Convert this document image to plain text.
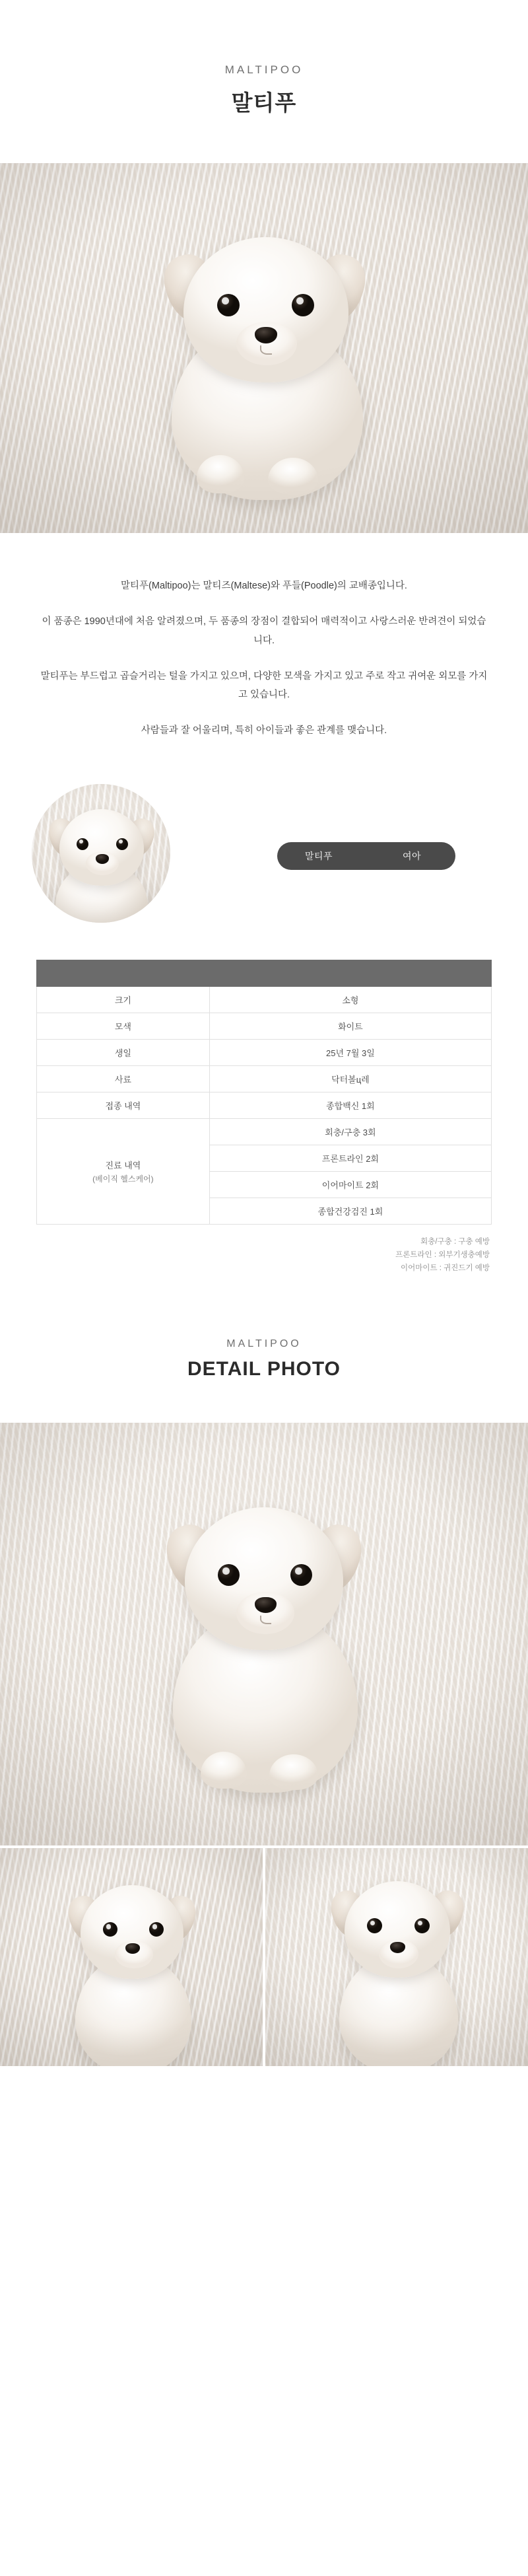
MALTIPOO

말티푸

말티푸(Maltipoo)는 말티즈(Maltese)와 푸들(Poodle)의 교배종입니다.

이 품종은 1990년대에 처음 알려졌으며, 두 품종의 장점이 결합되어 매력적이고 사랑스러운 반려견이 되었습니다.

말티푸는 부드럽고 곱슬거리는 털을 가지고 있으며, 다양한 모색을 가지고 있고 주로 작고 귀여운 외모를 가지고 있습니다.

사람들과 잘 어울리며, 특히 아이들과 좋은 관계를 맺습니다.

말티푸	여아

크기	소형
모색	화이트
생일	25년 7월 3일
사료	닥터볼ц레
접종 내역	종합백신 1회
진료 내역
(베이직 헬스케어)	회충/구충 3회
	프론트라인 2회
	이어마이트 2회
	종합건강검진 1회
회충/구충 : 구충 예방
프론트라인 : 외부기생충예방
이어마이트 : 귀진드기 예방

MALTIPOO

DETAIL PHOTO
